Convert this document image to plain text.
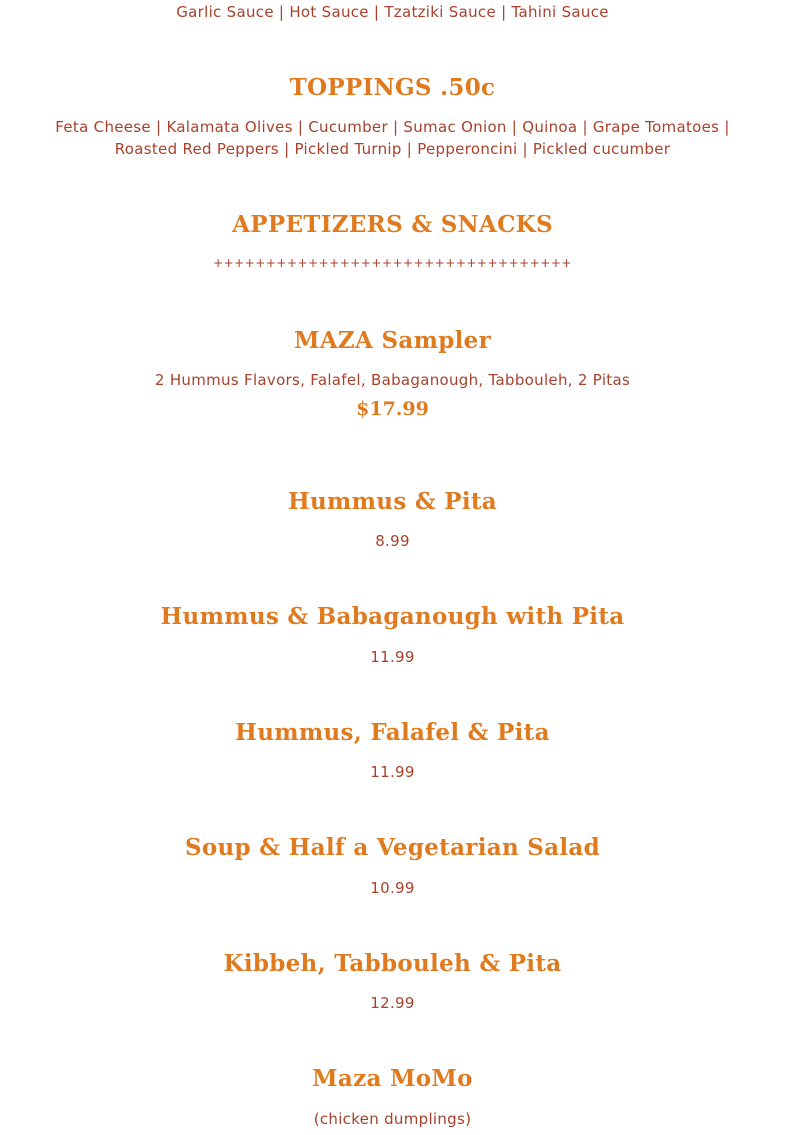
Garlic Sauce | Hot Sauce | Tzatziki Sauce | Tahini Sauce
TOPPINGS .50c
Feta Cheese | Kalamata Olives | Cucumber | Sumac Onion | Quinoa | Grape Tomatoes |
Roasted Red Peppers | Pickled Turnip | Pepperoncini | Pickled cucumber
APPETIZERS & SNACKS
++++++++++++++++++++++++++++++++++
MAZA Sampler
2 Hummus Flavors, Falafel, Babaganough, Tabbouleh, 2 Pitas
$17.99
Hummus & Pita
8.99
Hummus & Babaganough with Pita
11.99
Hummus, Falafel & Pita
11.99
Soup & Half a Vegetarian Salad
10.99
Kibbeh, Tabbouleh & Pita
12.99
Maza MoMo
(chicken dumplings)
